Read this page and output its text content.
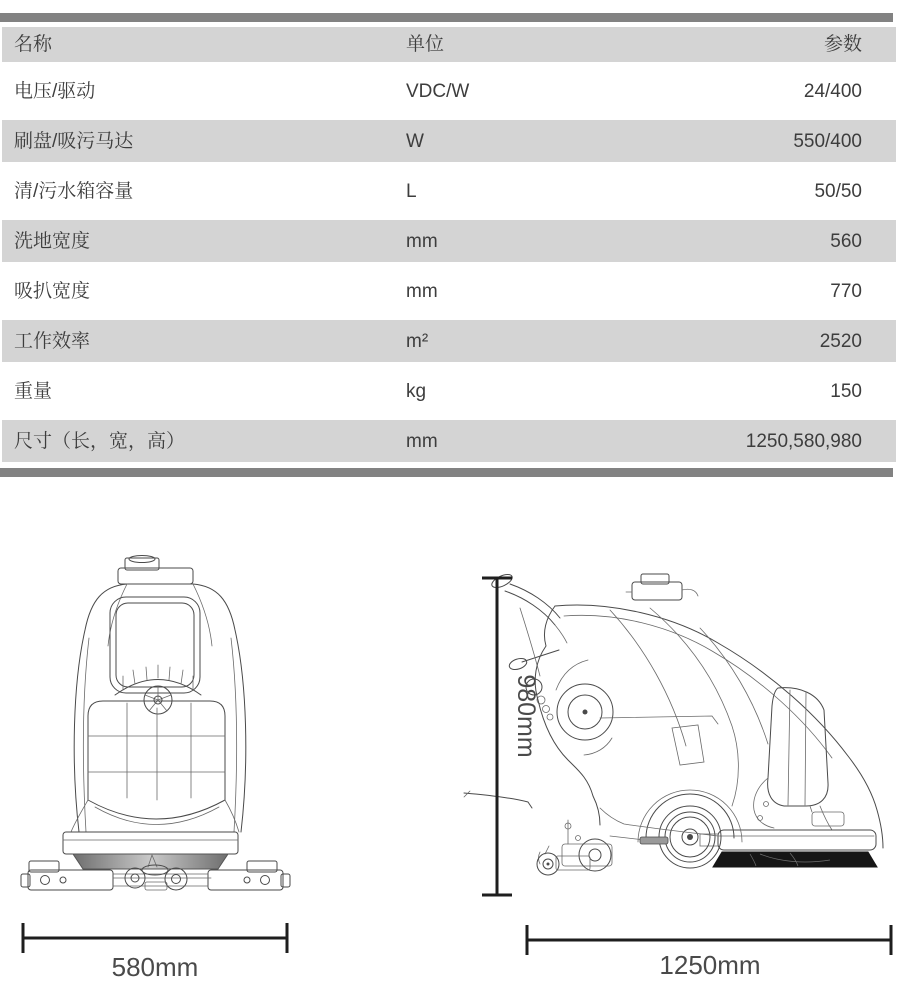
名称	单位	参数
电压/驱动	VDC/W	24/400
刷盘/吸污马达	W	550/400
清/污水箱容量	L	50/50
洗地宽度	mm	560
吸扒宽度	mm	770
工作效率	m²	2520
重量	kg	150
尺寸（长，宽，高）	mm	1250,580,980
580mm
980mm
1250mm
